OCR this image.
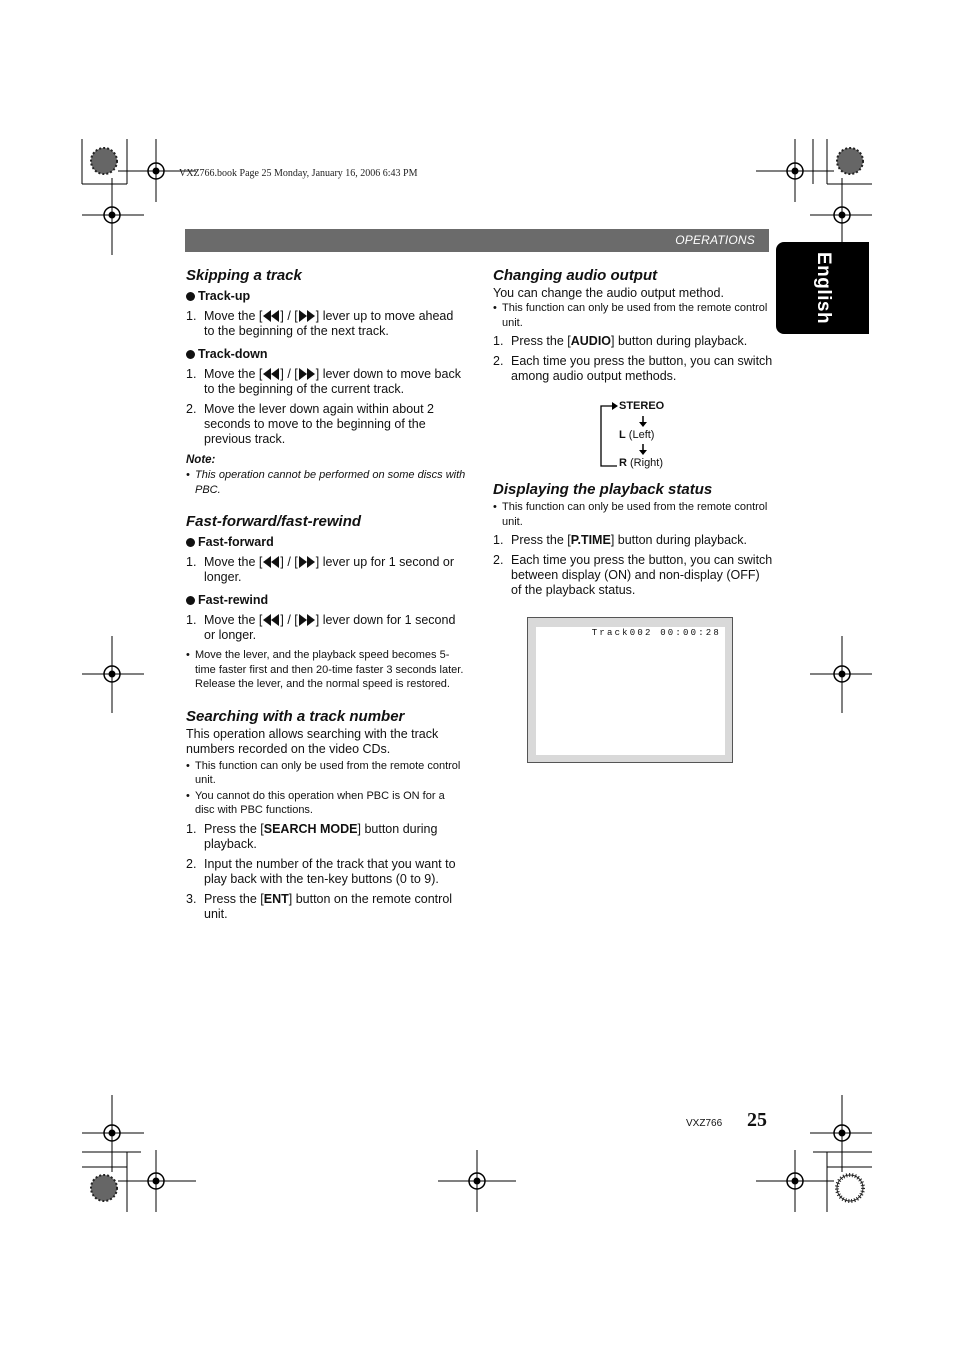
VXZ766.book Page 25 Monday, January 16, 2006 6:43 PM
OPERATIONS
English
Skipping a track
Track-up
1. Move the [ ] / [ ] lever up to move ahead to the beginning of the next track.
Track-down
1. Move the [ ] / [ ] lever down to move back to the beginning of the current track.
2. Move the lever down again within about 2 seconds to move to the beginning of the previous track.
Note:
• This operation cannot be performed on some discs with PBC.
Fast-forward/fast-rewind
Fast-forward
1. Move the [ ] / [ ] lever up for 1 second or longer.
Fast-rewind
1. Move the [ ] / [ ] lever down for 1 second or longer.
• Move the lever, and the playback speed becomes 5-time faster first and then 20-time faster 3 seconds later. Release the lever, and the normal speed is restored.
Searching with a track number

This operation allows searching with the track numbers recorded on the video CDs.

• This function can only be used from the remote control unit.
• You cannot do this operation when PBC is ON for a disc with PBC functions.
1. Press the [SEARCH MODE] button during playback.
2. Input the number of the track that you want to play back with the ten-key buttons (0 to 9).
3. Press the [ENT] button on the remote control unit.
Changing audio output

You can change the audio output method.

• This function can only be used from the remote control unit.
1. Press the [AUDIO] button during playback.
2. Each time you press the button, you can switch among audio output methods.
STEREO
L (Left)
R (Right)
Displaying the playback status
• This function can only be used from the remote control unit.
1. Press the [P.TIME] button during playback.
2. Each time you press the button, you can switch between display (ON) and non-display (OFF) of the playback status.
Track002 00:00:28
VXZ766 25
